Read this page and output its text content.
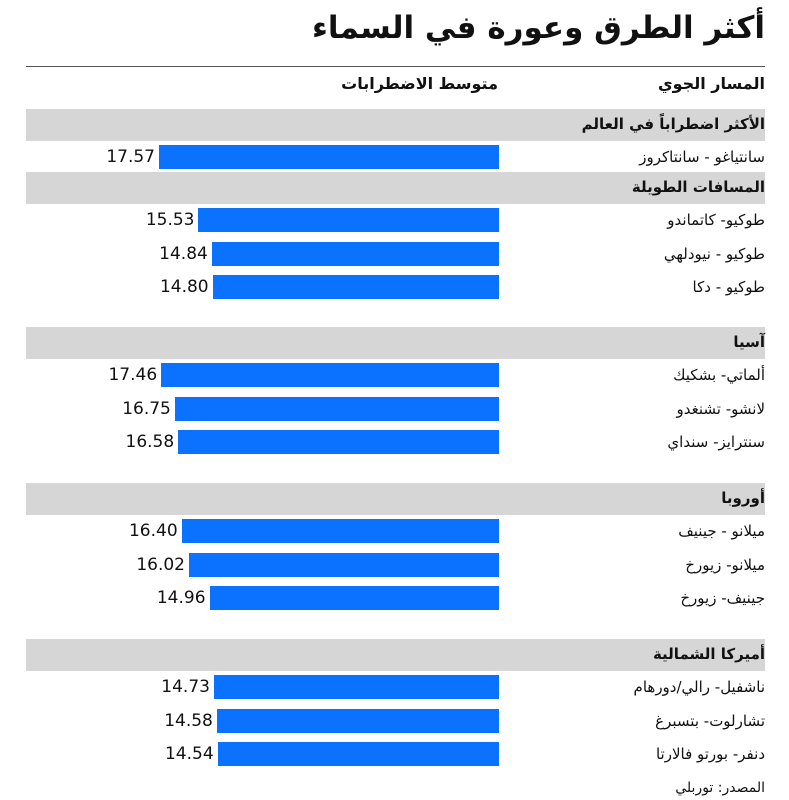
أكثر الطرق وعورة في السماء
المسار الجوي
متوسط الاضطرابات
الأكثر اضطراباً في العالم
17.57	سانتياغو - سانتاكروز
المسافات الطويلة
15.53	طوكيو- كاتماندو
14.84	طوكيو - نيودلهي
14.80	طوكيو - دكا
آسيا
17.46	ألماتي- بشكيك
16.75	لانشو- تشنغدو
16.58	سنترايز- سنداي
أوروبا
16.40	ميلانو - جينيف
16.02	ميلانو- زيورخ
14.96	جينيف- زيورخ
أميركا الشمالية
14.73	ناشفيل- رالي/دورهام
14.58	تشارلوت- بتسبرغ
14.54	دنفر- بورتو فالارتا
المصدر: توربلي
